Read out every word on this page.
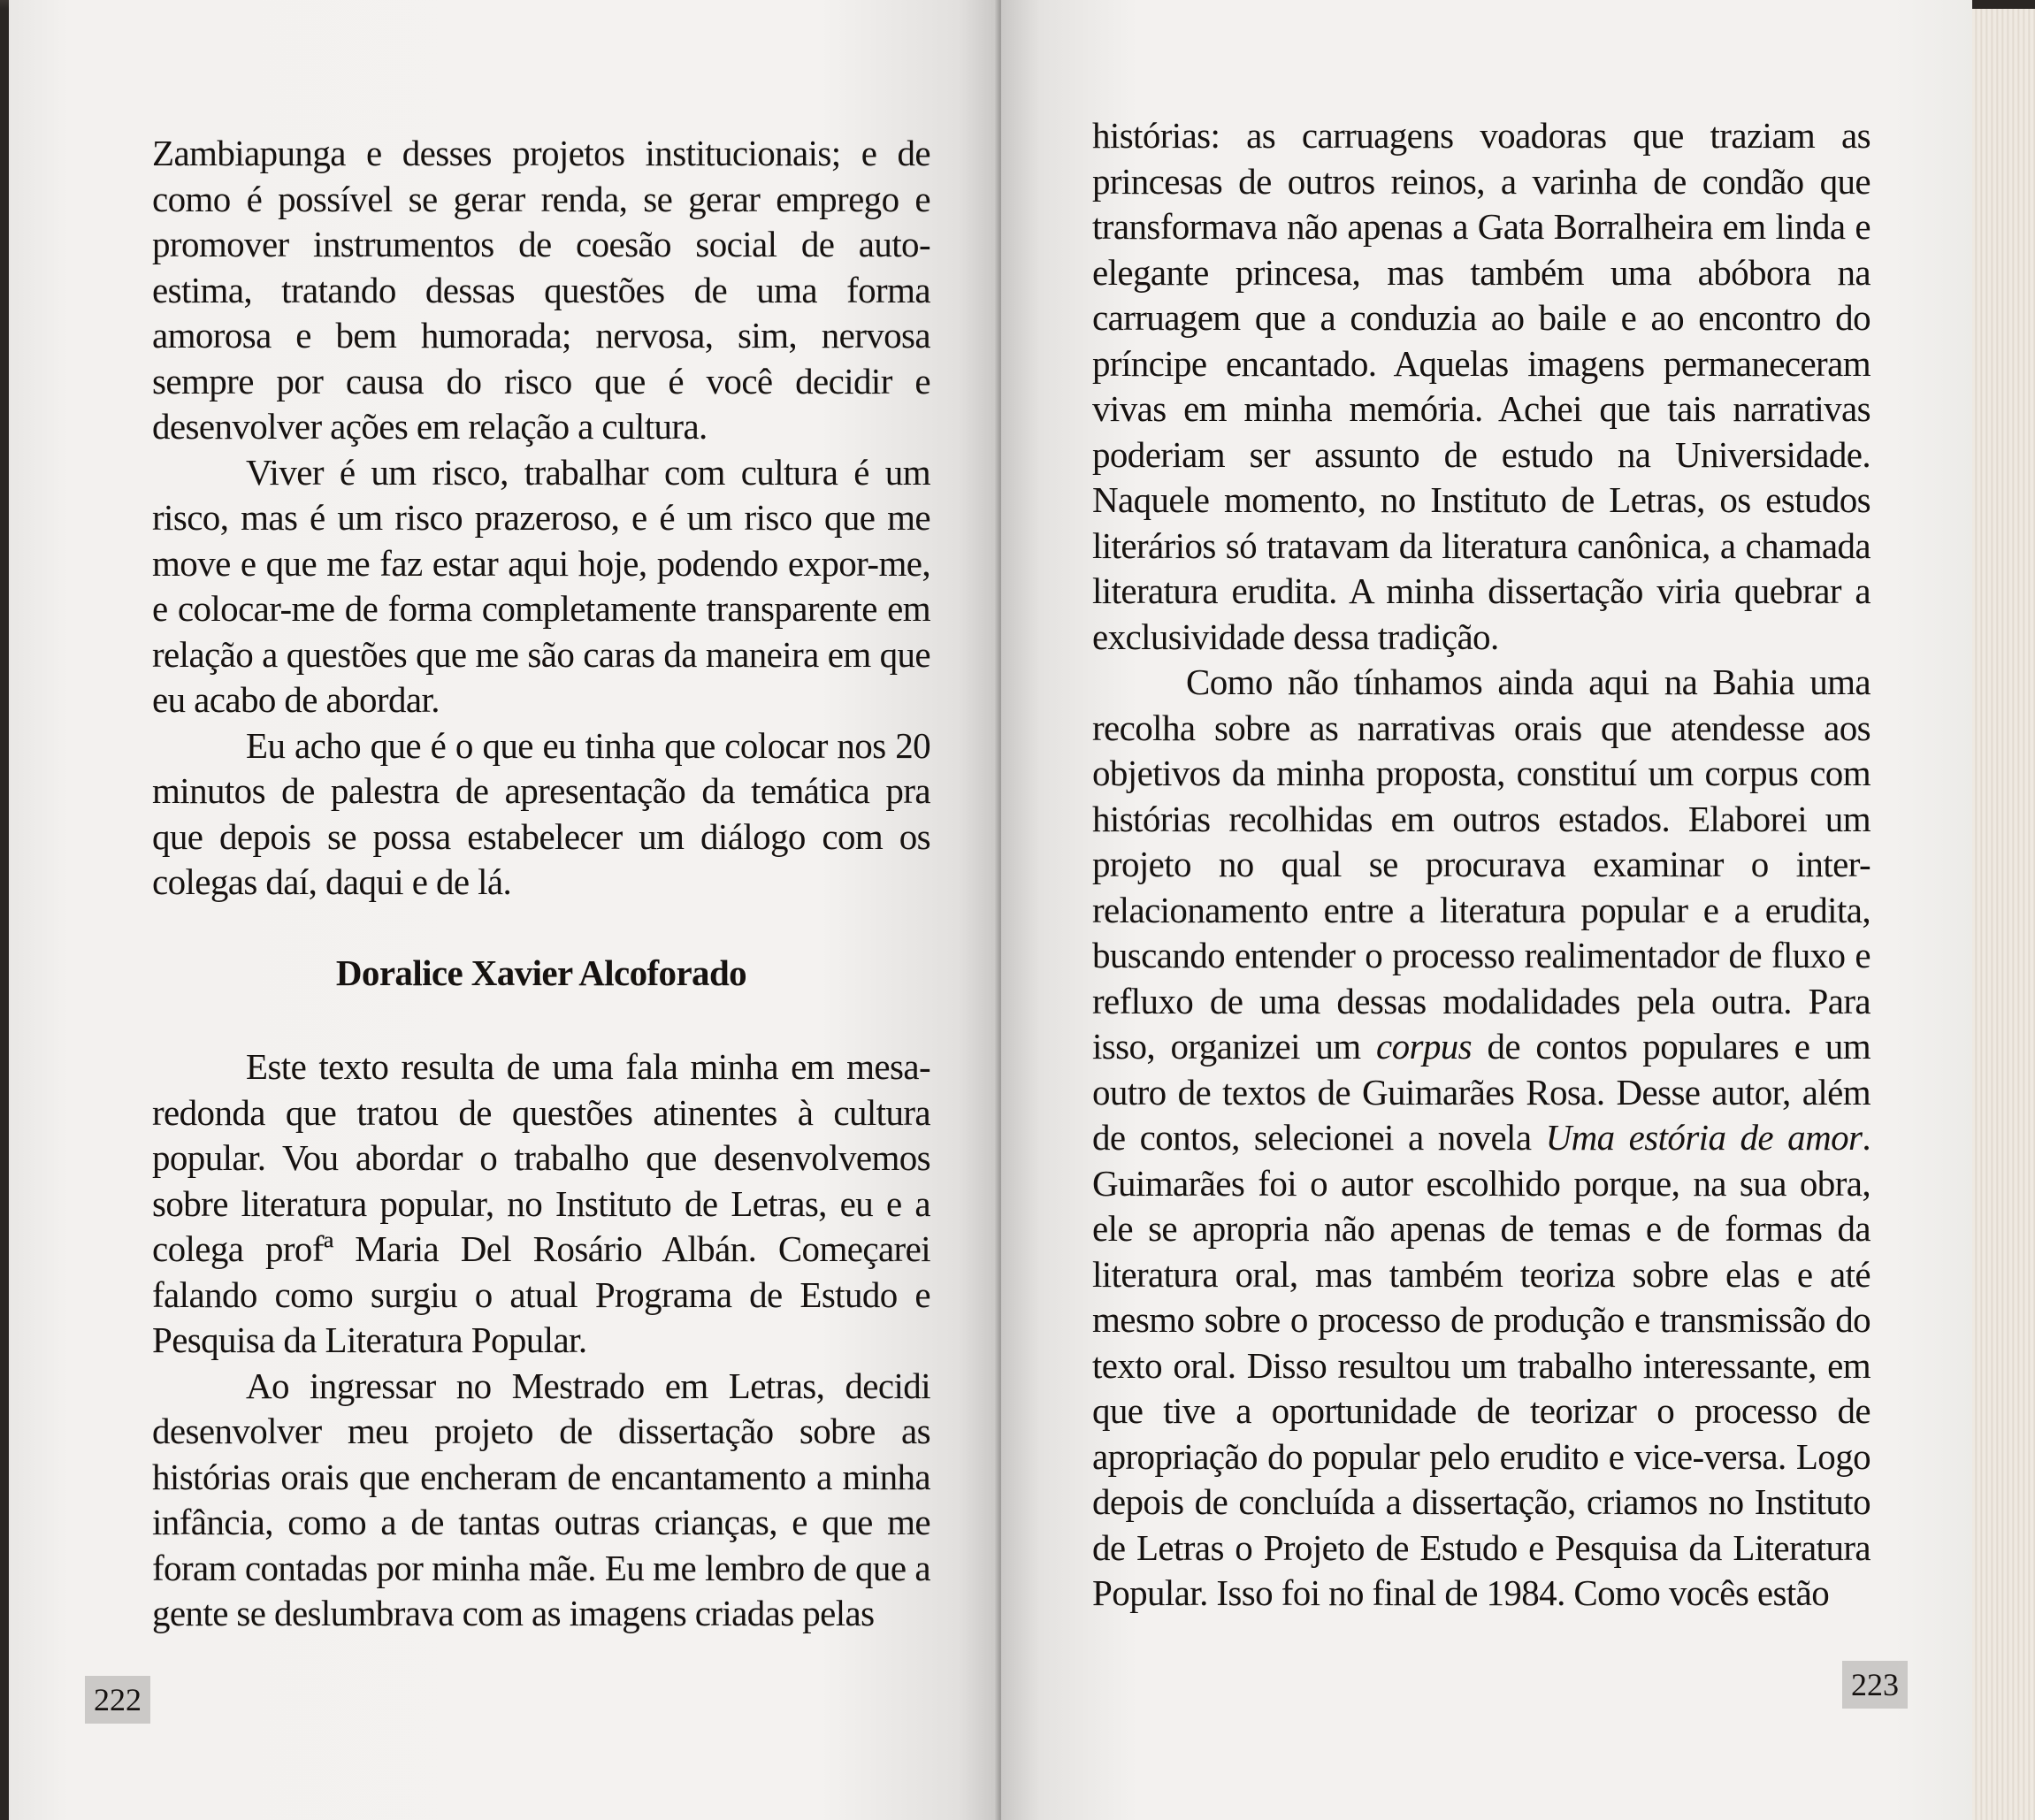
Zambiapunga e desses projetos institucionais; e de como é possível se gerar renda, se gerar emprego e promover instrumentos de coesão social de auto-estima, tratando dessas questões de uma forma amorosa e bem humorada; nervosa, sim, nervosa sempre por causa do risco que é você decidir e desenvolver ações em relação a cultura.

Viver é um risco, trabalhar com cultura é um risco, mas é um risco prazeroso, e é um risco que me move e que me faz estar aqui hoje, podendo expor-me, e colocar-me de forma completamente transparente em relação a questões que me são caras da maneira em que eu acabo de abordar.

Eu acho que é o que eu tinha que colocar nos 20 minutos de palestra de apresentação da temática pra que depois se possa estabelecer um diálogo com os colegas daí, daqui e de lá.

Doralice Xavier Alcoforado

Este texto resulta de uma fala minha em mesa-redonda que tratou de questões atinentes à cultura popular. Vou abordar o trabalho que desenvolvemos sobre literatura popular, no Instituto de Letras, eu e a colega profª Maria Del Rosário Albán. Começarei falando como surgiu o atual Programa de Estudo e Pesquisa da Literatura Popular.

Ao ingressar no Mestrado em Letras, decidi desenvolver meu projeto de dissertação sobre as histórias orais que encheram de encantamento a minha infância, como a de tantas outras crianças, e que me foram contadas por minha mãe. Eu me lembro de que a gente se deslumbrava com as imagens criadas pelas

222

histórias: as carruagens voadoras que traziam as princesas de outros reinos, a varinha de condão que transformava não apenas a Gata Borralheira em linda e elegante princesa, mas também uma abóbora na carruagem que a conduzia ao baile e ao encontro do príncipe encantado. Aquelas imagens permaneceram vivas em minha memória. Achei que tais narrativas poderiam ser assunto de estudo na Universidade. Naquele momento, no Instituto de Letras, os estudos literários só tratavam da literatura canônica, a chamada literatura erudita. A minha dissertação viria quebrar a exclusividade dessa tradição.

Como não tínhamos ainda aqui na Bahia uma recolha sobre as narrativas orais que atendesse aos objetivos da minha proposta, constituí um corpus com histórias recolhidas em outros estados. Elaborei um projeto no qual se procurava examinar o inter-relacionamento entre a literatura popular e a erudita, buscando entender o processo realimentador de fluxo e refluxo de uma dessas modalidades pela outra. Para isso, organizei um corpus de contos populares e um outro de textos de Guimarães Rosa. Desse autor, além de contos, selecionei a novela Uma estória de amor. Guimarães foi o autor escolhido porque, na sua obra, ele se apropria não apenas de temas e de formas da literatura oral, mas também teoriza sobre elas e até mesmo sobre o processo de produção e transmissão do texto oral. Disso resultou um trabalho interessante, em que tive a oportunidade de teorizar o processo de apropriação do popular pelo erudito e vice-versa. Logo depois de concluída a dissertação, criamos no Instituto de Letras o Projeto de Estudo e Pesquisa da Literatura Popular. Isso foi no final de 1984. Como vocês estão

223
